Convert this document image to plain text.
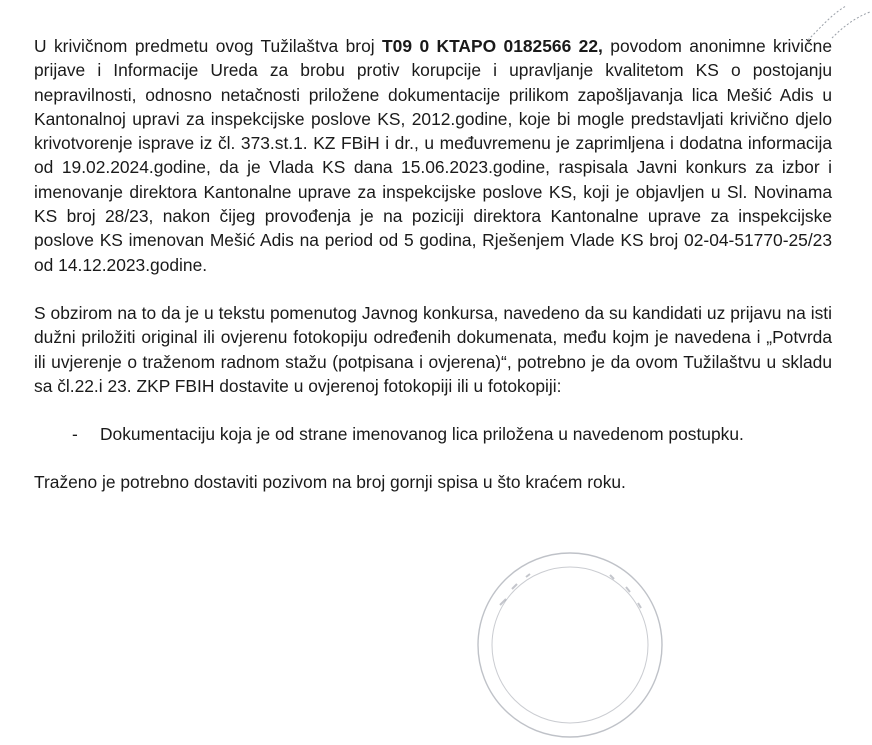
U krivičnom predmetu ovog Tužilaštva broj T09 0 KTAPO 0182566 22, povodom anonimne krivične prijave i Informacije Ureda za brobu protiv korupcije i upravljanje kvalitetom KS o postojanju nepravilnosti, odnosno netačnosti priložene dokumentacije prilikom zapošljavanja lica Mešić Adis u Kantonalnoj upravi za inspekcijske poslove KS, 2012.godine, koje bi mogle predstavljati krivično djelo krivotvorenje isprave iz čl. 373.st.1. KZ FBiH i dr., u međuvremenu je zaprimljena i dodatna informacija od 19.02.2024.godine, da je Vlada KS dana 15.06.2023.godine, raspisala Javni konkurs za izbor i imenovanje direktora Kantonalne uprave za inspekcijske poslove KS, koji je objavljen u Sl. Novinama KS broj 28/23, nakon čijeg provođenja je na poziciji direktora Kantonalne uprave za inspekcijske poslove KS imenovan Mešić Adis na period od 5 godina, Rješenjem Vlade KS broj 02-04-51770-25/23 od 14.12.2023.godine.

S obzirom na to da je u tekstu pomenutog Javnog konkursa, navedeno da su kandidati uz prijavu na isti dužni priložiti original ili ovjerenu fotokopiju određenih dokumenata, među kojm je navedena i „Potvrda ili uvjerenje o traženom radnom stažu (potpisana i ovjerena)“, potrebno je da ovom Tužilaštvu u skladu sa čl.22.i 23. ZKP FBIH dostavite u ovjerenoj fotokopiji ili u fotokopiji:

- Dokumentaciju koja je od strane imenovanog lica priložena u navedenom postupku.

Traženo je potrebno dostaviti pozivom na broj gornji spisa u što kraćem roku.
